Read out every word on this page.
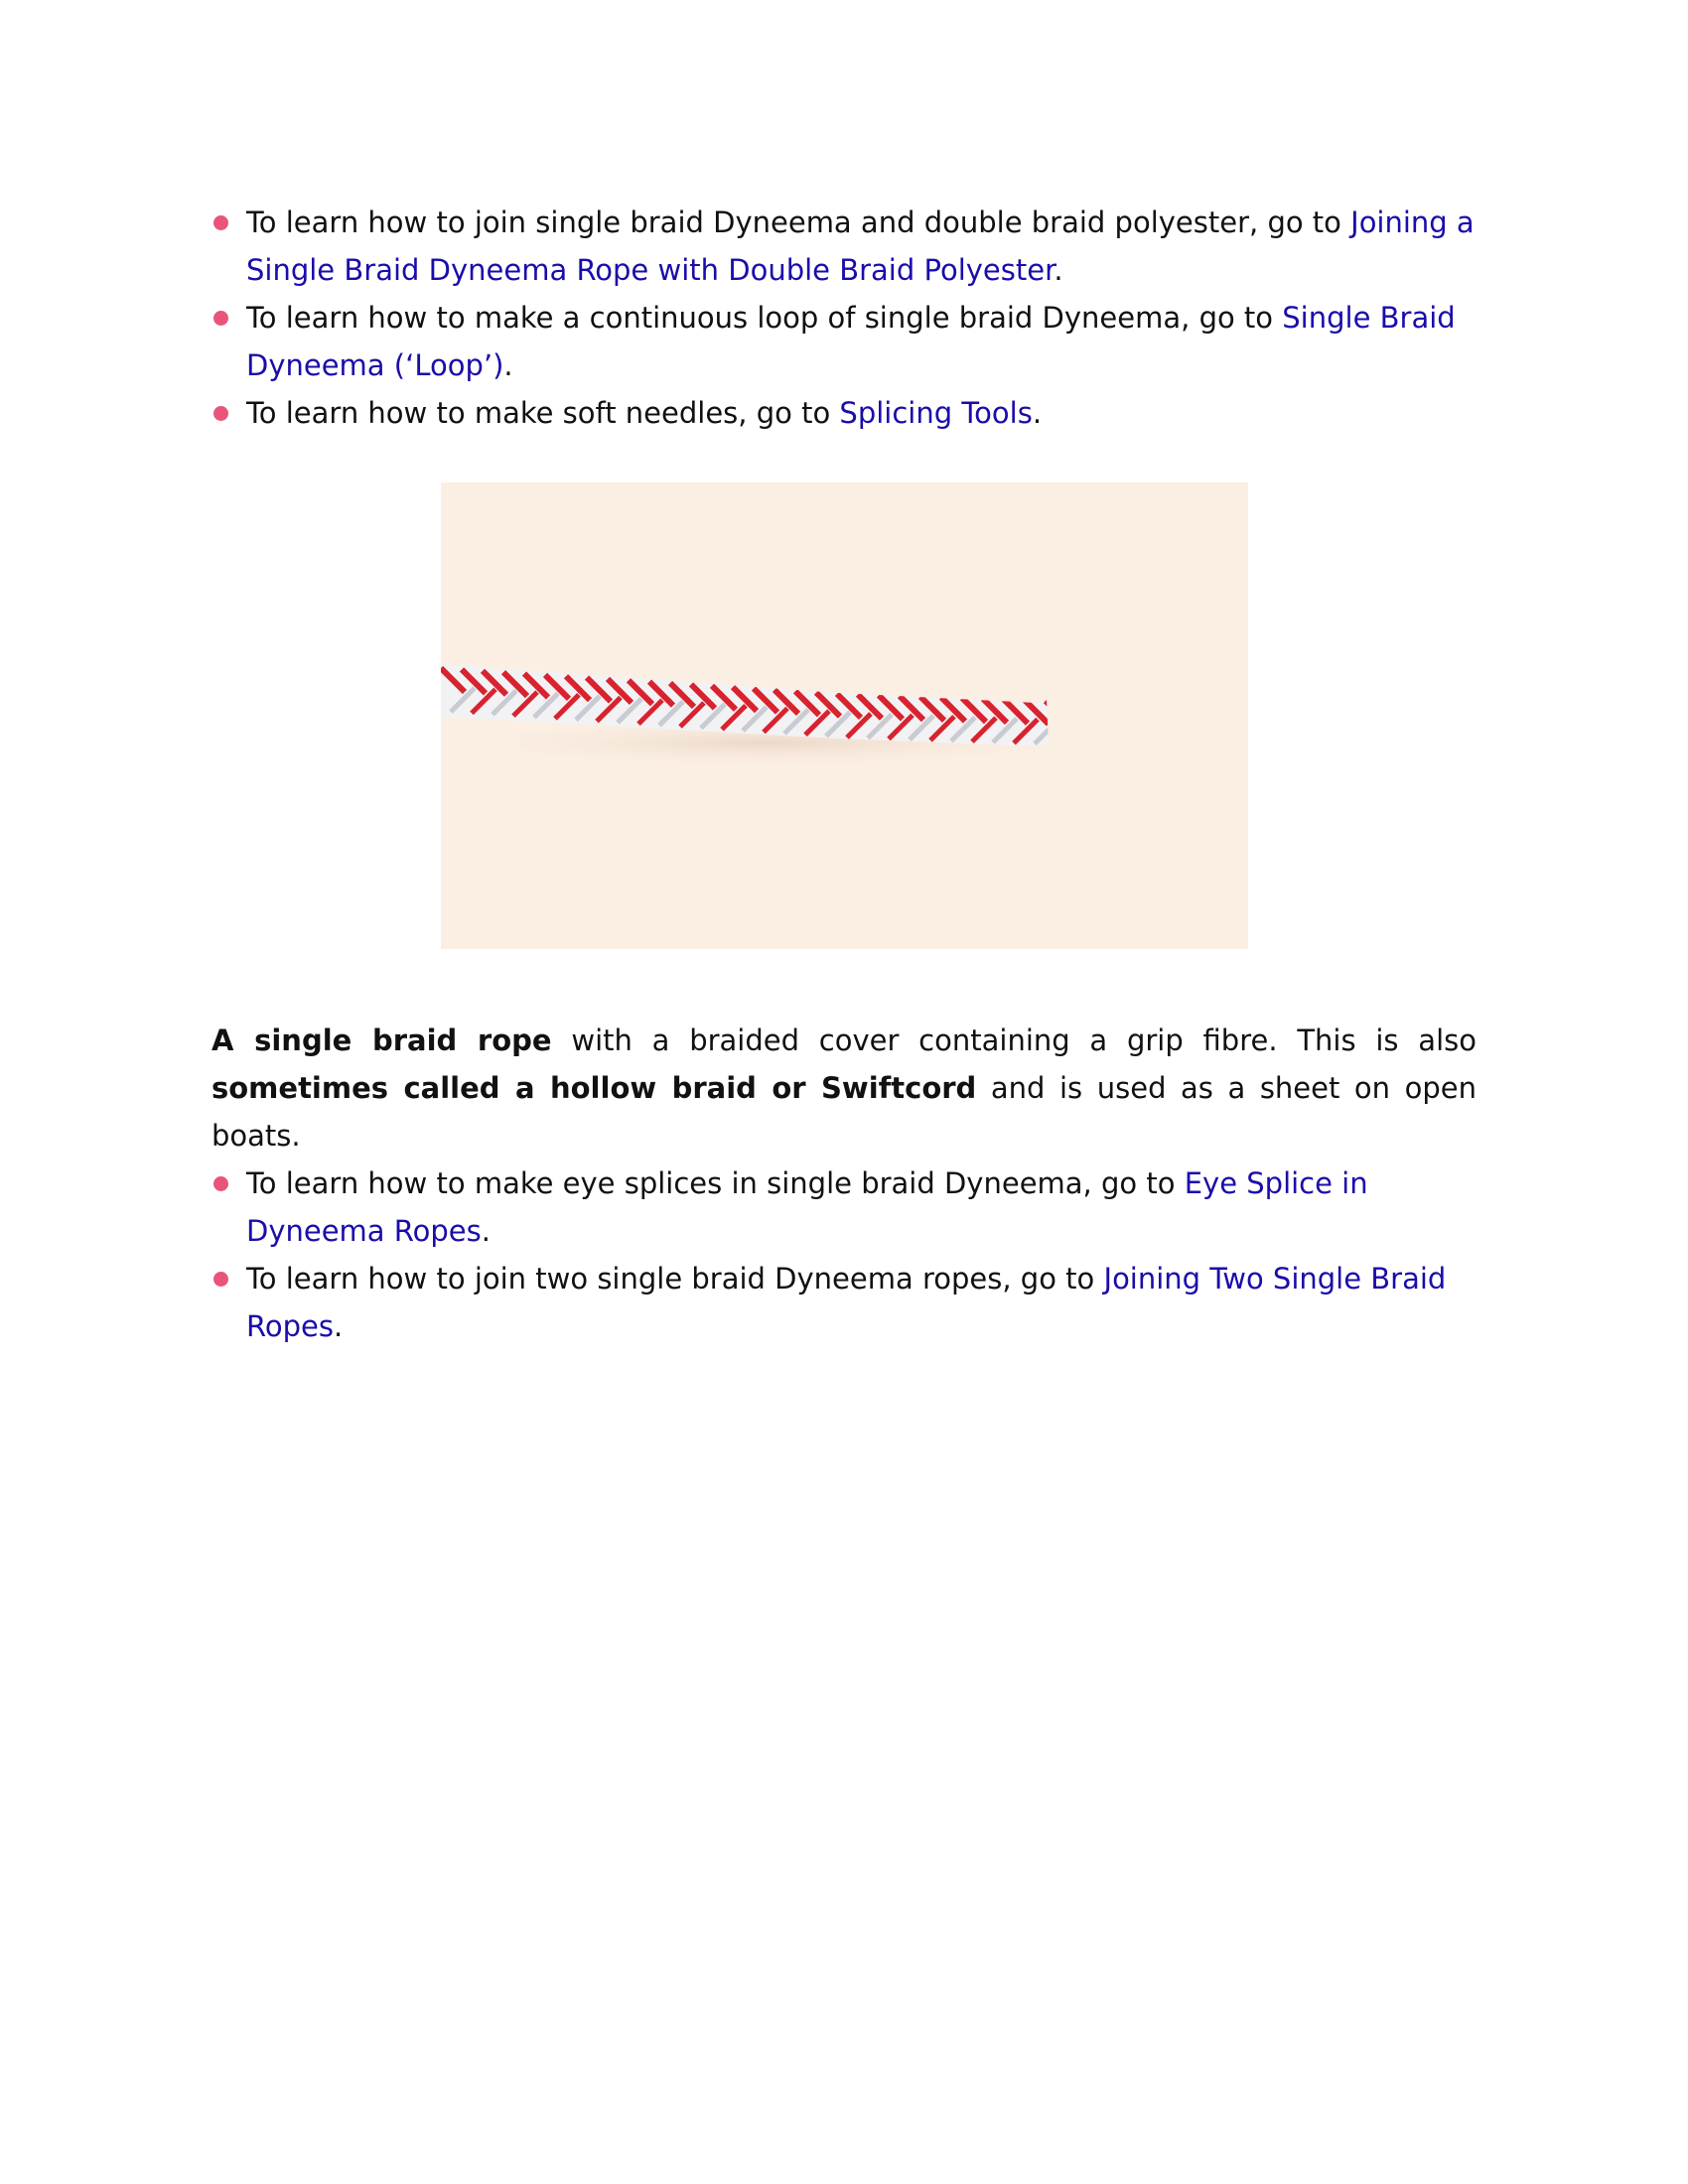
To learn how to join single braid Dyneema and double braid polyester, go to Joining a Single Braid Dyneema Rope with Double Braid Polyester.
To learn how to make a continuous loop of single braid Dyneema, go to Single Braid Dyneema (‘Loop’).
To learn how to make soft needles, go to Splicing Tools.
A single braid rope with a braided cover containing a grip fibre. This is also sometimes called a hollow braid or Swiftcord and is used as a sheet on open boats.
To learn how to make eye splices in single braid Dyneema, go to Eye Splice in Dyneema Ropes.
To learn how to join two single braid Dyneema ropes, go to Joining Two Single Braid Ropes.
